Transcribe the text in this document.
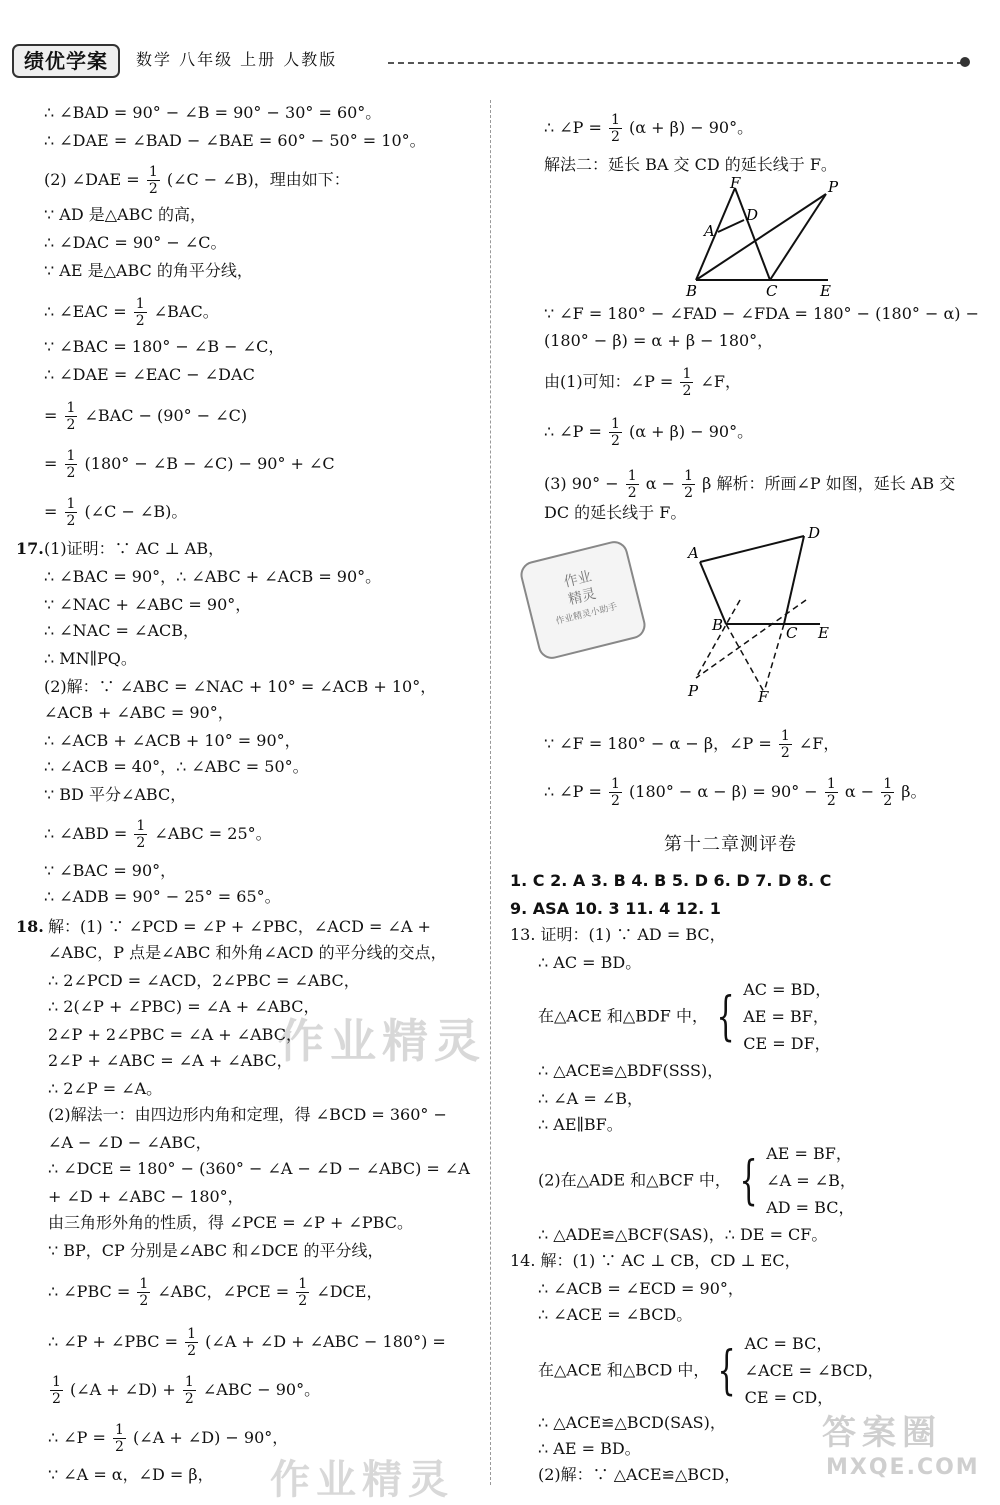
绩优学案	数学 八年级 上册 人教版
作业精灵
作业精灵
答案圈
MXQE.COM
∴ ∠BAD = 90° − ∠B = 90° − 30° = 60°。
∴ ∠DAE = ∠BAD − ∠BAE = 60° − 50° = 10°。
(2) ∠DAE = $\frac{1}{2}$ (∠C − ∠B)，理由如下：
∵ AD 是△ABC 的高，
∴ ∠DAC = 90° − ∠C。
∵ AE 是△ABC 的角平分线，
∴ ∠EAC = $\frac{1}{2}$ ∠BAC。
∵ ∠BAC = 180° − ∠B − ∠C，
∴ ∠DAE = ∠EAC − ∠DAC
= $\frac{1}{2}$ ∠BAC − (90° − ∠C)
= $\frac{1}{2} (180^\circ$ − ∠B − ∠C) − 90° + ∠C
= $\frac{1}{2}$ (∠C − ∠B)。
17. (1)证明：∵ AC ⊥ AB，
∴ ∠BAC = 90°，∴ ∠ABC + ∠ACB = 90°。
∵ ∠NAC + ∠ABC = 90°，
∴ ∠NAC = ∠ACB，
∴ MN∥PQ。
(2)解：∵ ∠ABC = ∠NAC + 10° = ∠ACB + 10°，
∠ACB + ∠ABC = 90°，
∴ ∠ACB + ∠ACB + 10° = 90°，
∴ ∠ACB = 40°，∴ ∠ABC = 50°。
∵ BD 平分∠ABC，
∴ ∠ABD = $\frac{1}{2}$ ∠ABC = 25°。
∵ ∠BAC = 90°，
∴ ∠ADB = 90° − 25° = 65°。
18. 解：(1) ∵ ∠PCD = ∠P + ∠PBC，∠ACD = ∠A +
∠ABC，P 点是∠ABC 和外角∠ACD 的平分线的交点，
∴ 2∠PCD = ∠ACD，2∠PBC = ∠ABC，
∴ 2(∠P + ∠PBC) = ∠A + ∠ABC，
2∠P + 2∠PBC = ∠A + ∠ABC，
2∠P + ∠ABC = ∠A + ∠ABC，
∴ 2∠P = ∠A。
(2)解法一：由四边形内角和定理，得 ∠BCD = 360° −
∠A − ∠D − ∠ABC，
∴ ∠DCE = 180° − (360° − ∠A − ∠D − ∠ABC) = ∠A
+ ∠D + ∠ABC − 180°，
由三角形外角的性质，得 ∠PCE = ∠P + ∠PBC。
∵ BP，CP 分别是∠ABC 和∠DCE 的平分线，
∴ ∠PBC = $\frac{1}{2}$ ∠ABC，∠PCE = $\frac{1}{2}$ ∠DCE，
∴ ∠P + ∠PBC = $\frac{1}{2}$ (∠A + ∠D + ∠ABC − 180°) =
$\frac{1}{2}$ (∠A + ∠D) + $\frac{1}{2}$ ∠ABC − 90°。
∴ ∠P = $\frac{1}{2}$ (∠A + ∠D) − 90°，
∵ ∠A = α，∠D = β，
∴ ∠P = $\frac{1}{2} (\alpha + \beta) - 90^\circ$。
解法二：延长 BA 交 CD 的延长线于 F。
F	P
D
A
B	C	E
∵ ∠F = 180° − ∠FAD − ∠FDA = 180° − (180° − α) −
(180° − β) = α + β − 180°，
由(1)可知：∠P = $\frac{1}{2}$ ∠F，
∴ ∠P = $\frac{1}{2} (\alpha + \beta) - 90^\circ$。
(3) $90^\circ - \frac{1}{2}$ $\alpha - \frac{1}{2}$ β 解析：所画∠P 如图，延长 AB 交
DC 的延长线于 F。
A
D
B	C E
P	F
∵ ∠F = 180° − α − β，∠P = $\frac{1}{2}$ ∠F，
∴ ∠P = $\frac{1}{2} (180^\circ - \alpha - \beta) = 90^\circ - \frac{1}{2}$ $\alpha - \frac{1}{2}$ β。
1. C 2. A 3. B 4. B 5. D 6. D 7. D 8. C
9. ASA 10. 3 11. 4 12. 1
13. 证明：(1) ∵ AD = BC，
∴ AC = BD。
在△ACE 和△BDF 中， { AC = BD，
AE = BF，
CE = DF，
∴ △ACE≌△BDF(SSS)，
∴ ∠A = ∠B，
∴ AE∥BF。
(2)在△ADE 和△BCF 中， { AE = BF，
∠A = ∠B，
AD = BC，
∴ △ADE≌△BCF(SAS)，∴ DE = CF。
14. 解：(1) ∵ AC ⊥ CB，CD ⊥ EC，
∴ ∠ACB = ∠ECD = 90°，
∴ ∠ACE = ∠BCD。
在△ACE 和△BCD 中， { AC = BC，
∠ACE = ∠BCD，
CE = CD，
∴ △ACE≌△BCD(SAS)，
∴ AE = BD。
(2)解：∵ △ACE≌△BCD，
第十二章测评卷
作业
精灵
作业精灵小助手
